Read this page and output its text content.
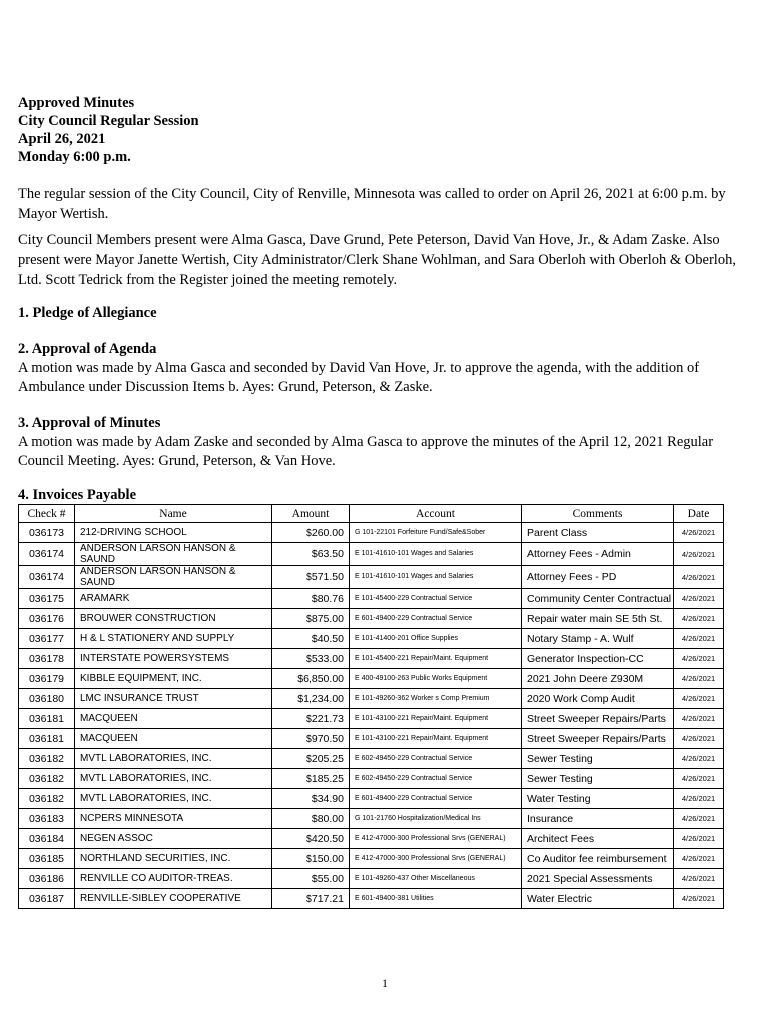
Approved Minutes
City Council Regular Session
April 26, 2021
Monday 6:00 p.m.
The regular session of the City Council, City of Renville, Minnesota was called to order on April 26, 2021 at 6:00 p.m. by Mayor Wertish.
City Council Members present were Alma Gasca, Dave Grund, Pete Peterson, David Van Hove, Jr., & Adam Zaske. Also present were Mayor Janette Wertish, City Administrator/Clerk Shane Wohlman, and Sara Oberloh with Oberloh & Oberloh, Ltd. Scott Tedrick from the Register joined the meeting remotely.
1. Pledge of Allegiance
2. Approval of Agenda
A motion was made by Alma Gasca and seconded by David Van Hove, Jr. to approve the agenda, with the addition of Ambulance under Discussion Items b. Ayes: Grund, Peterson, & Zaske.
3. Approval of Minutes
A motion was made by Adam Zaske and seconded by Alma Gasca to approve the minutes of the April 12, 2021 Regular Council Meeting. Ayes: Grund, Peterson, & Van Hove.
4. Invoices Payable
Check #	Name	Amount	Account	Comments	Date
036173	212-DRIVING SCHOOL	$260.00	G 101-22101 Forfeiture Fund/Safe&Sober	Parent Class	4/26/2021
036174	ANDERSON LARSON HANSON & SAUND	$63.50	E 101-41610-101 Wages and Salaries	Attorney Fees - Admin	4/26/2021
036174	ANDERSON LARSON HANSON & SAUND	$571.50	E 101-41610-101 Wages and Salaries	Attorney Fees - PD	4/26/2021
036175	ARAMARK	$80.76	E 101-45400-229 Contractual Service	Community Center Contractual	4/26/2021
036176	BROUWER CONSTRUCTION	$875.00	E 601-49400-229 Contractual Service	Repair water main SE 5th St.	4/26/2021
036177	H & L STATIONERY AND SUPPLY	$40.50	E 101-41400-201 Office Supplies	Notary Stamp - A. Wulf	4/26/2021
036178	INTERSTATE POWERSYSTEMS	$533.00	E 101-45400-221 Repair/Maint. Equipment	Generator Inspection-CC	4/26/2021
036179	KIBBLE EQUIPMENT, INC.	$6,850.00	E 400-49100-263 Public Works Equipment	2021 John Deere Z930M	4/26/2021
036180	LMC INSURANCE TRUST	$1,234.00	E 101-49260-362 Worker s Comp Premium	2020 Work Comp Audit	4/26/2021
036181	MACQUEEN	$221.73	E 101-43100-221 Repair/Maint. Equipment	Street Sweeper Repairs/Parts	4/26/2021
036181	MACQUEEN	$970.50	E 101-43100-221 Repair/Maint. Equipment	Street Sweeper Repairs/Parts	4/26/2021
036182	MVTL LABORATORIES, INC.	$205.25	E 602-49450-229 Contractual Service	Sewer Testing	4/26/2021
036182	MVTL LABORATORIES, INC.	$185.25	E 602-49450-229 Contractual Service	Sewer Testing	4/26/2021
036182	MVTL LABORATORIES, INC.	$34.90	E 601-49400-229 Contractual Service	Water Testing	4/26/2021
036183	NCPERS MINNESOTA	$80.00	G 101-21760 Hospitalization/Medical Ins	Insurance	4/26/2021
036184	NEGEN ASSOC	$420.50	E 412-47000-300 Professional Srvs (GENERAL)	Architect Fees	4/26/2021
036185	NORTHLAND SECURITIES, INC.	$150.00	E 412-47000-300 Professional Srvs (GENERAL)	Co Auditor fee reimbursement	4/26/2021
036186	RENVILLE CO AUDITOR-TREAS.	$55.00	E 101-49260-437 Other Miscellaneous	2021 Special Assessments	4/26/2021
036187	RENVILLE-SIBLEY COOPERATIVE	$717.21	E 601-49400-381 Utilities	Water Electric	4/26/2021
1
